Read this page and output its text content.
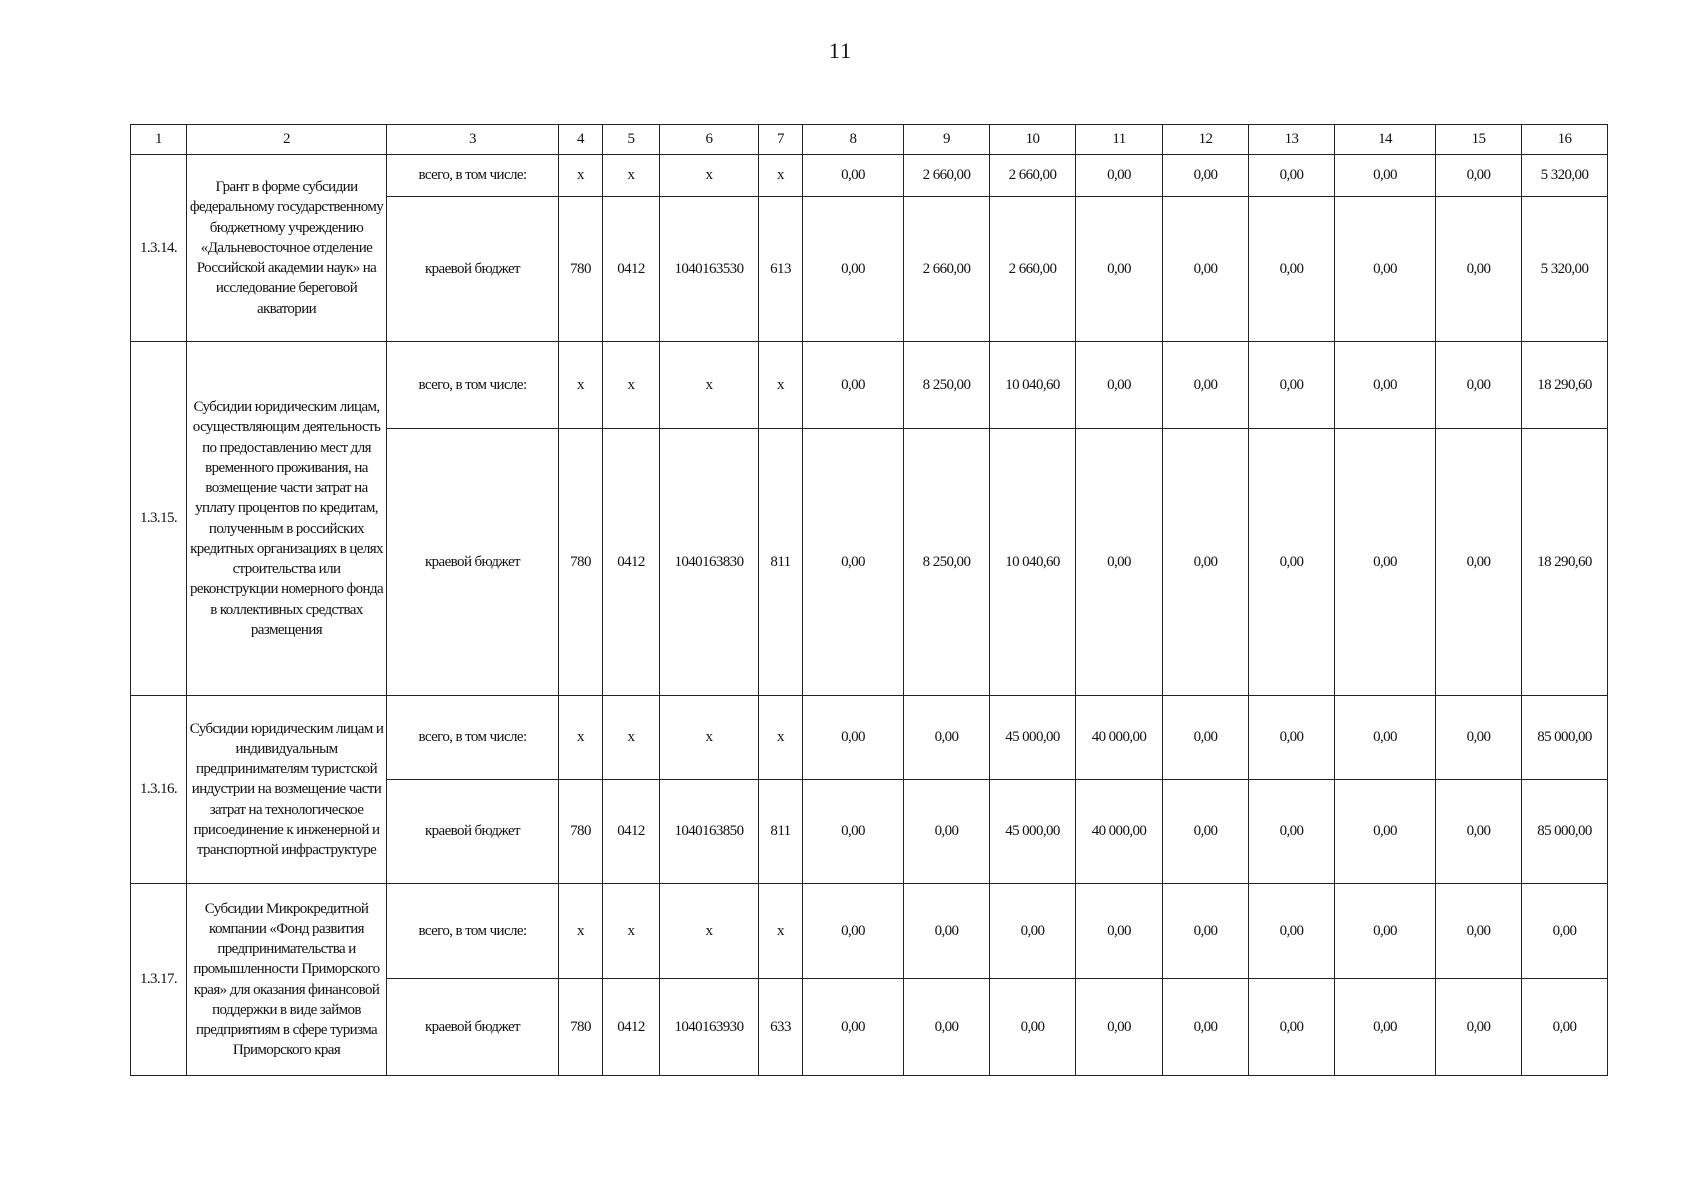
11
1	2	3	4	5	6	7	8	9	10	11	12	13	14	15	16
1.3.14.	Грант в форме субсидии федеральному государственному бюджетному учреждению «Дальневосточное отделение Российской академии наук» на исследование береговой акватории	всего, в том числе:	x	x	x	x	0,00	2 660,00	2 660,00	0,00	0,00	0,00	0,00	0,00	5 320,00
		краевой бюджет	780	0412	1040163530	613	0,00	2 660,00	2 660,00	0,00	0,00	0,00	0,00	0,00	5 320,00
1.3.15.	Субсидии юридическим лицам, осуществляющим деятельность по предоставлению мест для временного проживания, на возмещение части затрат на уплату процентов по кредитам, полученным в российских кредитных организациях в целях строительства или реконструкции номерного фонда в коллективных средствах размещения	всего, в том числе:	x	x	x	x	0,00	8 250,00	10 040,60	0,00	0,00	0,00	0,00	0,00	18 290,60
		краевой бюджет	780	0412	1040163830	811	0,00	8 250,00	10 040,60	0,00	0,00	0,00	0,00	0,00	18 290,60
1.3.16.	Субсидии юридическим лицам и индивидуальным предпринимателям туристской индустрии на возмещение части затрат на технологическое присоединение к инженерной и транспортной инфраструктуре	всего, в том числе:	x	x	x	x	0,00	0,00	45 000,00	40 000,00	0,00	0,00	0,00	0,00	85 000,00
		краевой бюджет	780	0412	1040163850	811	0,00	0,00	45 000,00	40 000,00	0,00	0,00	0,00	0,00	85 000,00
1.3.17.	Субсидии Микрокредитной компании «Фонд развития предпринимательства и промышленности Приморского края» для оказания финансовой поддержки в виде займов предприятиям в сфере туризма Приморского края	всего, в том числе:	x	x	x	x	0,00	0,00	0,00	0,00	0,00	0,00	0,00	0,00	0,00
		краевой бюджет	780	0412	1040163930	633	0,00	0,00	0,00	0,00	0,00	0,00	0,00	0,00	0,00
